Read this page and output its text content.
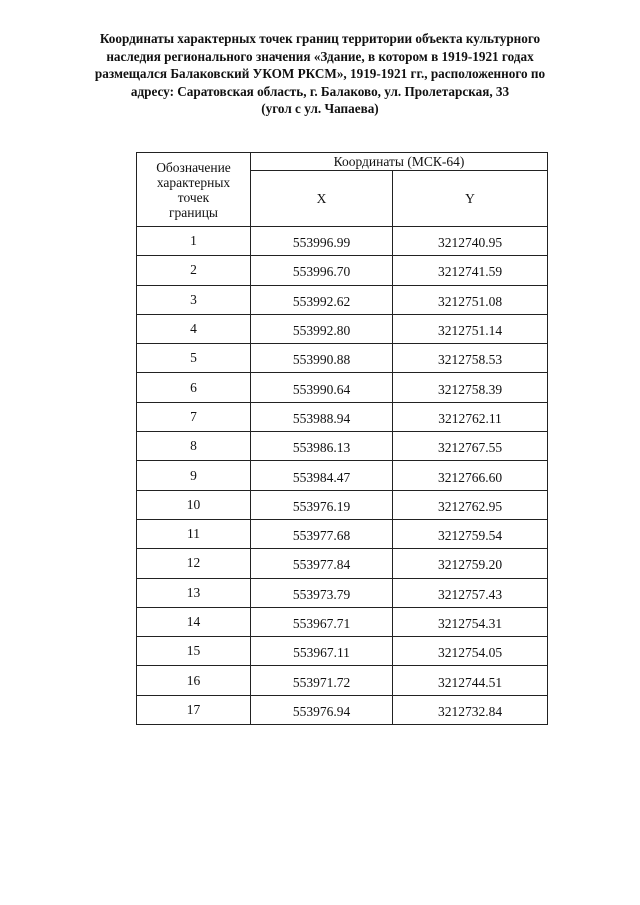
Координаты характерных точек границ территории объекта культурного
наследия регионального значения «Здание, в котором в 1919-1921 годах
размещался Балаковский УКОМ РКСМ», 1919-1921 гг., расположенного по
адресу: Саратовская область, г. Балаково, ул. Пролетарская, 33
(угол с ул. Чапаева)
Обозначение
характерных
точек
границы	Координаты (МСК-64)	
	X	Y
1	553996.99	3212740.95
2	553996.70	3212741.59
3	553992.62	3212751.08
4	553992.80	3212751.14
5	553990.88	3212758.53
6	553990.64	3212758.39
7	553988.94	3212762.11
8	553986.13	3212767.55
9	553984.47	3212766.60
10	553976.19	3212762.95
11	553977.68	3212759.54
12	553977.84	3212759.20
13	553973.79	3212757.43
14	553967.71	3212754.31
15	553967.11	3212754.05
16	553971.72	3212744.51
17	553976.94	3212732.84
